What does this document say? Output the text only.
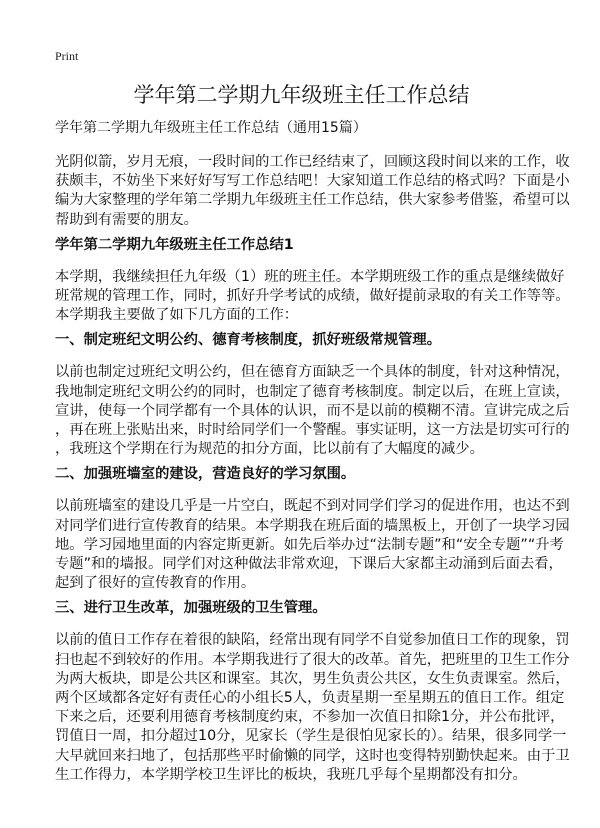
Print
学年第二学期九年级班主任工作总结
学年第二学期九年级班主任工作总结（通用15篇）
光阴似箭，岁月无痕，一段时间的工作已经结束了，回顾这段时间以来的工作，收
获颇丰，不妨坐下来好好写写工作总结吧！大家知道工作总结的格式吗？下面是小
编为大家整理的学年第二学期九年级班主任工作总结，供大家参考借鉴，希望可以
帮助到有需要的朋友。
学年第二学期九年级班主任工作总结1
本学期，我继续担任九年级（1）班的班主任。本学期班级工作的重点是继续做好
班常规的管理工作，同时，抓好升学考试的成绩，做好提前录取的有关工作等等。
本学期我主要做了如下几方面的工作：
一、制定班纪文明公约、德育考核制度，抓好班级常规管理。
以前也制定过班纪文明公约，但在德育方面缺乏一个具体的制度，针对这种情况，
我地制定班纪文明公约的同时，也制定了德育考核制度。制定以后，在班上宣读，
宣讲，使每一个同学都有一个具体的认识，而不是以前的模糊不清。宣讲完成之后
，再在班上张贴出来，时时给同学们一个警醒。事实证明，这一方法是切实可行的
，我班这个学期在行为规范的扣分方面，比以前有了大幅度的减少。
二、加强班墙室的建设，营造良好的学习氛围。
以前班墙室的建设几乎是一片空白，既起不到对同学们学习的促进作用，也达不到
对同学们进行宣传教育的结果。本学期我在班后面的墙黑板上，开创了一块学习园
地。学习园地里面的内容定斯更新。如先后举办过“法制专题”和“安全专题”“升考
专题”和的墙报。同学们对这种做法非常欢迎，下课后大家都主动涌到后面去看，
起到了很好的宣传教育的作用。
三、进行卫生改革，加强班级的卫生管理。
以前的值日工作存在着很的缺陷，经常出现有同学不自觉参加值日工作的现象，罚
扫也起不到较好的作用。本学期我进行了很大的改革。首先，把班里的卫生工作分
为两大板块，即是公共区和课室。其次，男生负责公共区，女生负责课室。然后，
两个区域都各定好有责任心的小组长5人，负责星期一至星期五的值日工作。组定
下来之后，还要利用德育考核制度约束，不参加一次值日扣除1分，并公布批评，
罚值日一周，扣分超过10分，见家长（学生是很怕见家长的）。结果，很多同学一
大早就回来扫地了，包括那些平时偷懒的同学，这时也变得特别勤快起来。由于卫
生工作得力，本学期学校卫生评比的板块，我班几乎每个星期都没有扣分。
